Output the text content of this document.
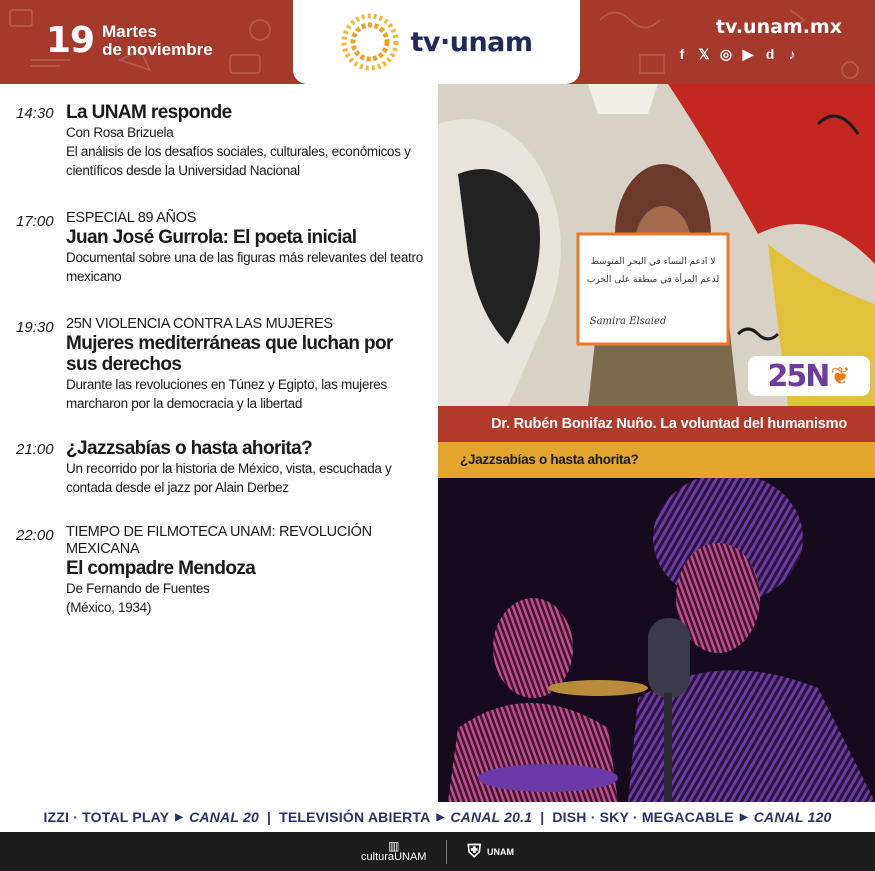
19 Martes
de noviembre	tv·unam	tv.unam.mx
f	𝕏 ◎ ▶ d ♪
14:30 La UNAM responde
Con Rosa Brizuela
El análisis de los desafíos sociales, culturales, económicos y científicos desde la Universidad Nacional
17:00 ESPECIAL 89 AÑOS
Juan José Gurrola: El poeta inicial
Documental sobre una de las figuras más relevantes del teatro mexicano
19:30 25N VIOLENCIA CONTRA LAS MUJERES
Mujeres mediterráneas que luchan por sus derechos
Durante las revoluciones en Túnez y Egipto, las mujeres marcharon por la democracia y la libertad
21:00 ¿Jazzsabías o hasta ahorita?
Un recorrido por la historia de México, vista, escuchada y contada desde el jazz por Alain Derbez
22:00 TIEMPO DE FILMOTECA UNAM: REVOLUCIÓN MEXICANA
El compadre Mendoza
De Fernando de Fuentes
(México, 1934)
لا ادعم النساء في البحر المتوسط
لدعم المرأة في منطقة على الحرب
Samira Elsaied
25N ❦
Dr. Rubén Bonifaz Nuño. La voluntad del humanismo
¿Jazzsabías o hasta ahorita?
IZZI · TOTAL PLAY ▶ CANAL 20 | TELEVISIÓN ABIERTA ▶ CANAL 20.1 | DISH · SKY · MEGACABLE ▶ CANAL 120
▥
culturaUNAM ⛨ UNAM
